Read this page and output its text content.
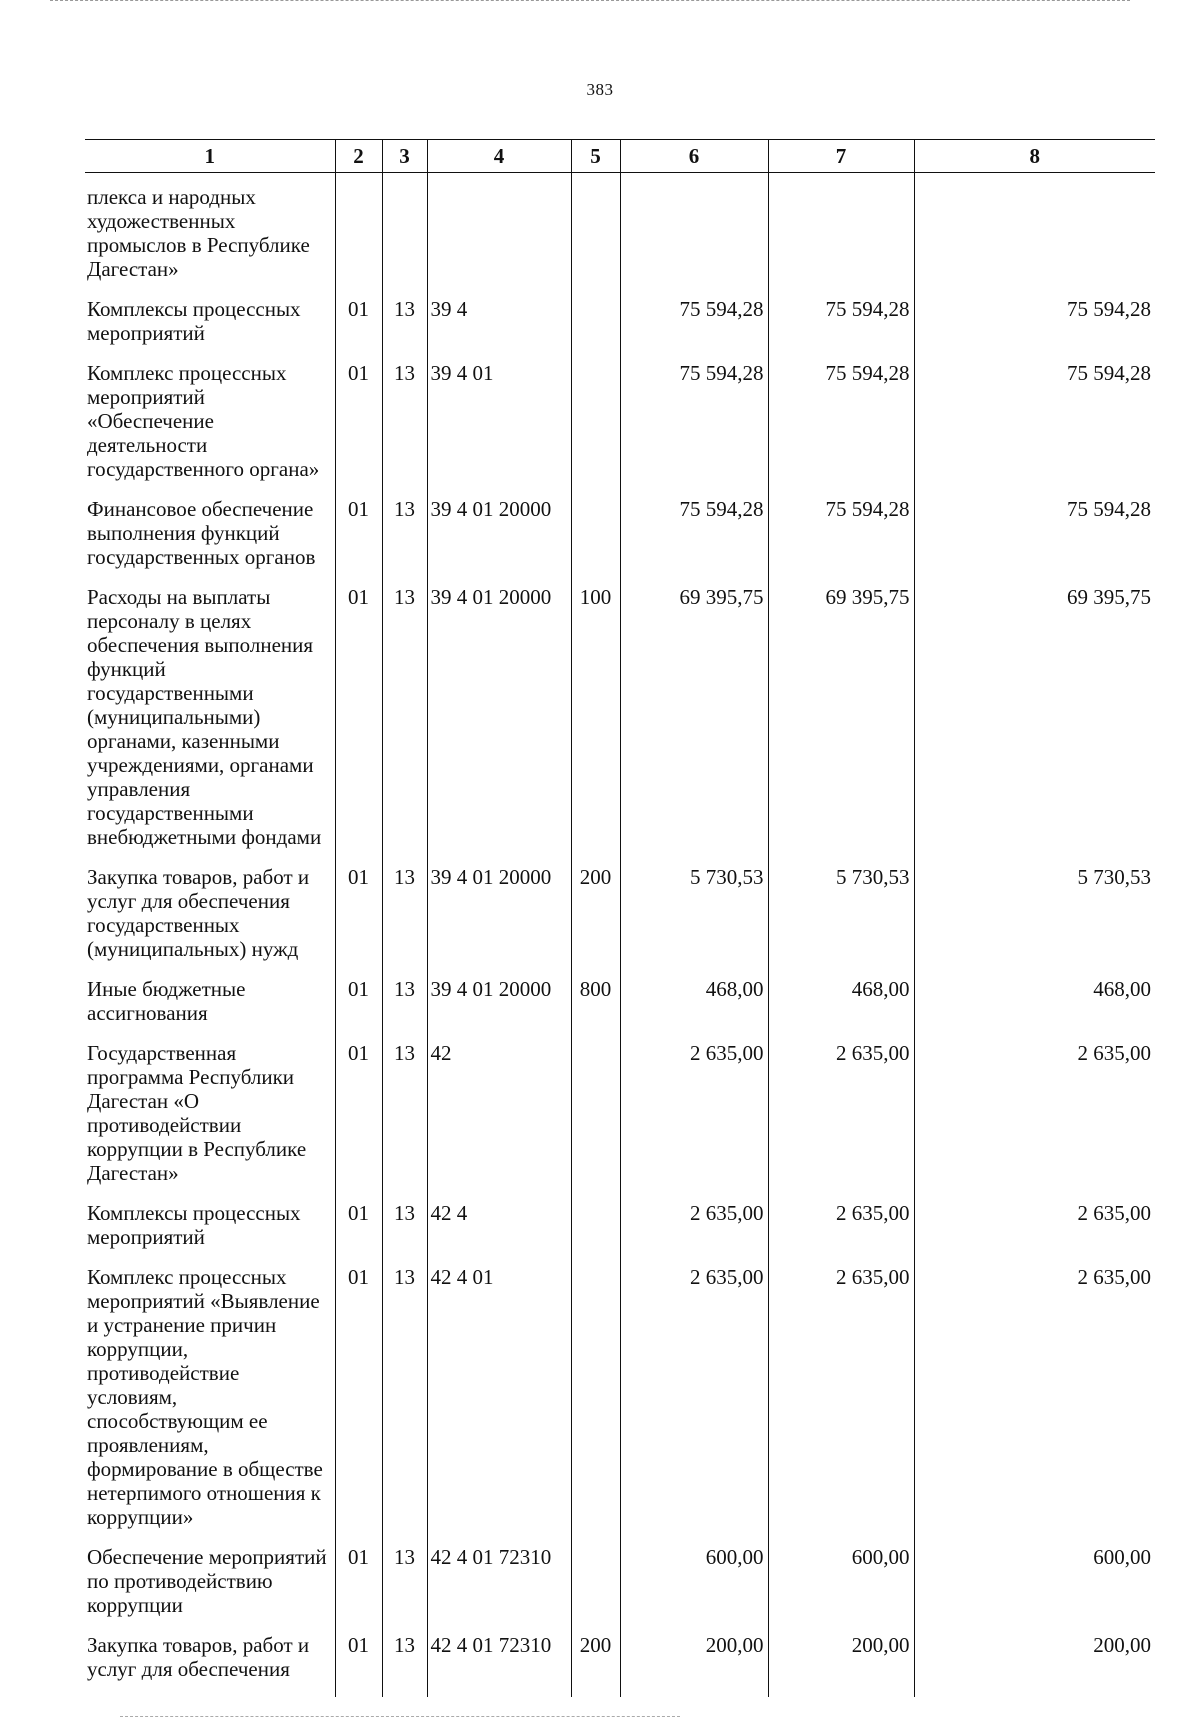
383
1	2	3	4	5	6	7	8

плекса и народных художественных промыслов в Республике Дагестан»							

Комплексы процессных мероприятий	01	13	39 4		75 594,28	75 594,28	75 594,28
Комплекс процессных мероприятий «Обеспечение деятельности государственного органа»	01	13	39 4 01		75 594,28	75 594,28	75 594,28
Финансовое обеспечение выполнения функций государственных органов	01	13	39 4 01 20000		75 594,28	75 594,28	75 594,28
Расходы на выплаты персоналу в целях обеспечения выполнения функций государственными (муниципальными) органами, казенными учреждениями, органами управления государственными внебюджетными фондами	01	13	39 4 01 20000	100	69 395,75	69 395,75	69 395,75
Закупка товаров, работ и услуг для обеспечения государственных (муниципальных) нужд	01	13	39 4 01 20000	200	5 730,53	5 730,53	5 730,53
Иные бюджетные ассигнования	01	13	39 4 01 20000	800	468,00	468,00	468,00
Государственная программа Республики Дагестан «О противодействии коррупции в Республике Дагестан»	01	13	42		2 635,00	2 635,00	2 635,00
Комплексы процессных мероприятий	01	13	42 4		2 635,00	2 635,00	2 635,00
Комплекс процессных мероприятий «Выявление и устранение причин коррупции, противодействие условиям, способствующим ее проявлениям, формирование в обществе нетерпимого отношения к коррупции»	01	13	42 4 01		2 635,00	2 635,00	2 635,00
Обеспечение мероприятий по противодействию коррупции	01	13	42 4 01 72310		600,00	600,00	600,00
Закупка товаров, работ и услуг для обеспечения	01	13	42 4 01 72310	200	200,00	200,00	200,00
